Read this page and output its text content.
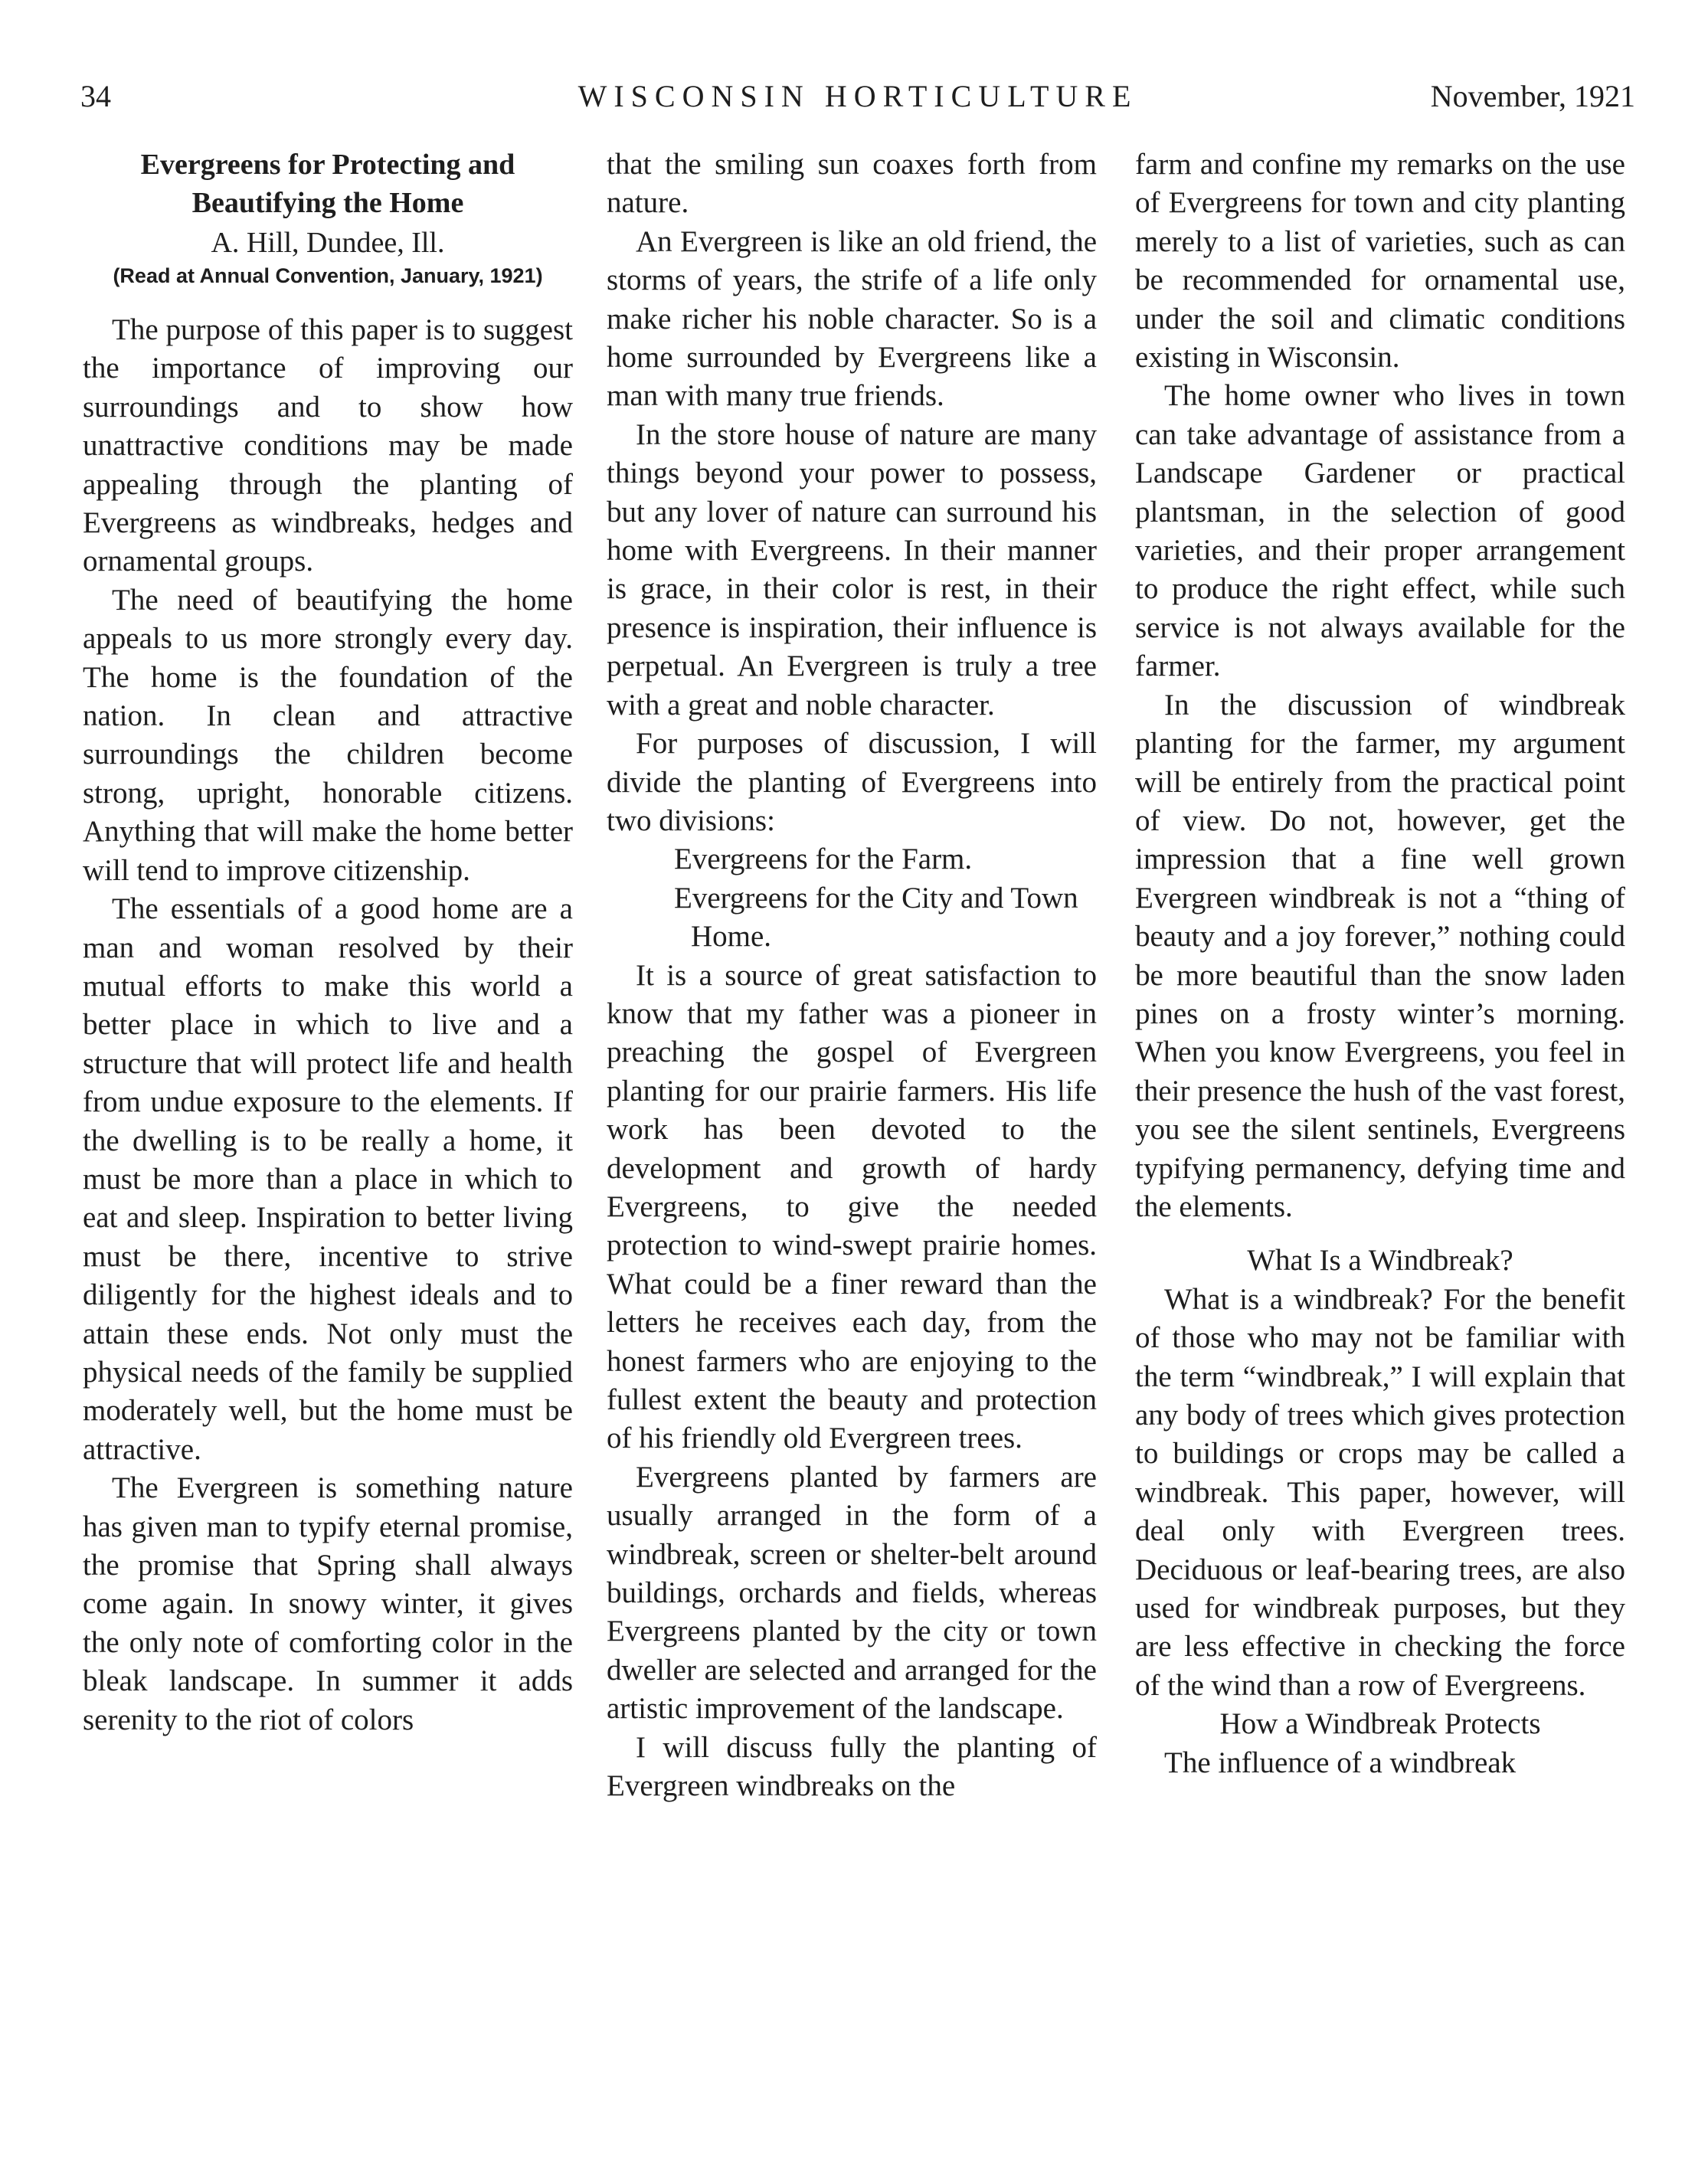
34	WISCONSIN HORTICULTURE	November, 1921

Evergreens for Protecting and Beautifying the Home

A. Hill, Dundee, Ill.

(Read at Annual Convention, January, 1921)

The purpose of this paper is to suggest the importance of improving our surroundings and to show how unattractive conditions may be made appealing through the planting of Evergreens as windbreaks, hedges and ornamental groups.

The need of beautifying the home appeals to us more strongly every day. The home is the foundation of the nation. In clean and attractive surroundings the children become strong, upright, honorable citizens. Anything that will make the home better will tend to improve citizenship.

The essentials of a good home are a man and woman resolved by their mutual efforts to make this world a better place in which to live and a structure that will protect life and health from undue exposure to the elements. If the dwelling is to be really a home, it must be more than a place in which to eat and sleep. Inspiration to better living must be there, incentive to strive diligently for the highest ideals and to attain these ends. Not only must the physical needs of the family be supplied moderately well, but the home must be attractive.

The Evergreen is something nature has given man to typify eternal promise, the promise that Spring shall always come again. In snowy winter, it gives the only note of comforting color in the bleak landscape. In summer it adds serenity to the riot of colors

that the smiling sun coaxes forth from nature.

An Evergreen is like an old friend, the storms of years, the strife of a life only make richer his noble character. So is a home surrounded by Evergreens like a man with many true friends.

In the store house of nature are many things beyond your power to possess, but any lover of nature can surround his home with Evergreens. In their manner is grace, in their color is rest, in their presence is inspiration, their influence is perpetual. An Evergreen is truly a tree with a great and noble character.

For purposes of discussion, I will divide the planting of Evergreens into two divisions:

Evergreens for the Farm.

Evergreens for the City and Town Home.

It is a source of great satisfaction to know that my father was a pioneer in preaching the gospel of Evergreen planting for our prairie farmers. His life work has been devoted to the development and growth of hardy Evergreens, to give the needed protection to wind-swept prairie homes. What could be a finer reward than the letters he receives each day, from the honest farmers who are enjoying to the fullest extent the beauty and protection of his friendly old Evergreen trees.

Evergreens planted by farmers are usually arranged in the form of a windbreak, screen or shelter-belt around buildings, orchards and fields, whereas Evergreens planted by the city or town dweller are selected and arranged for the artistic improvement of the landscape.

I will discuss fully the planting of Evergreen windbreaks on the

farm and confine my remarks on the use of Evergreens for town and city planting merely to a list of varieties, such as can be recommended for ornamental use, under the soil and climatic conditions existing in Wisconsin.

The home owner who lives in town can take advantage of assistance from a Landscape Gardener or practical plantsman, in the selection of good varieties, and their proper arrangement to produce the right effect, while such service is not always available for the farmer.

In the discussion of windbreak planting for the farmer, my argument will be entirely from the practical point of view. Do not, however, get the impression that a fine well grown Evergreen windbreak is not a “thing of beauty and a joy forever,” nothing could be more beautiful than the snow laden pines on a frosty winter’s morning. When you know Evergreens, you feel in their presence the hush of the vast forest, you see the silent sentinels, Evergreens typifying permanency, defying time and the elements.

What Is a Windbreak?

What is a windbreak? For the benefit of those who may not be familiar with the term “windbreak,” I will explain that any body of trees which gives protection to buildings or crops may be called a windbreak. This paper, however, will deal only with Evergreen trees. Deciduous or leaf-bearing trees, are also used for windbreak purposes, but they are less effective in checking the force of the wind than a row of Evergreens.

How a Windbreak Protects

The influence of a windbreak
